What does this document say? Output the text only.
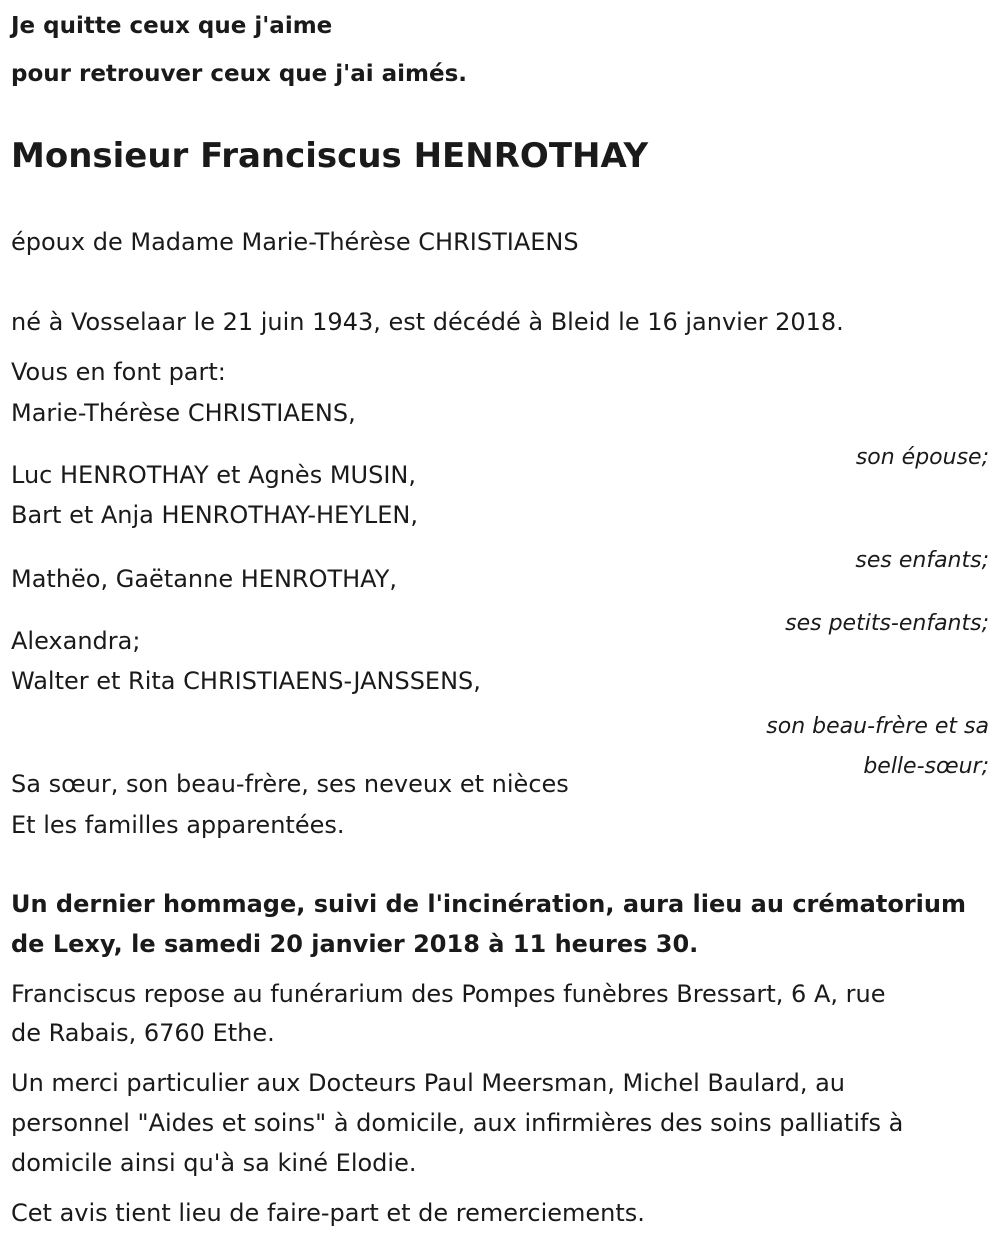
Je quitte ceux que j'aime

pour retrouver ceux que j'ai aimés.

Monsieur Franciscus HENROTHAY

époux de Madame Marie-Thérèse CHRISTIAENS

né à Vosselaar le 21 juin 1943, est décédé à Bleid le 16 janvier 2018.

Vous en font part:

Marie-Thérèse CHRISTIAENS,

son épouse;

Luc HENROTHAY et Agnès MUSIN,

Bart et Anja HENROTHAY-HEYLEN,

ses enfants;

Mathëo, Gaëtanne HENROTHAY,

ses petits-enfants;

Alexandra;

Walter et Rita CHRISTIAENS-JANSSENS,

son beau-frère et sa

belle-sœur;

Sa sœur, son beau-frère, ses neveux et nièces

Et les familles apparentées.

Un dernier hommage, suivi de l'incinération, aura lieu au crématorium

de Lexy, le samedi 20 janvier 2018 à 11 heures 30.

Franciscus repose au funérarium des Pompes funèbres Bressart, 6 A, rue

de Rabais, 6760 Ethe.

Un merci particulier aux Docteurs Paul Meersman, Michel Baulard, au

personnel "Aides et soins" à domicile, aux infirmières des soins palliatifs à

domicile ainsi qu'à sa kiné Elodie.

Cet avis tient lieu de faire-part et de remerciements.
